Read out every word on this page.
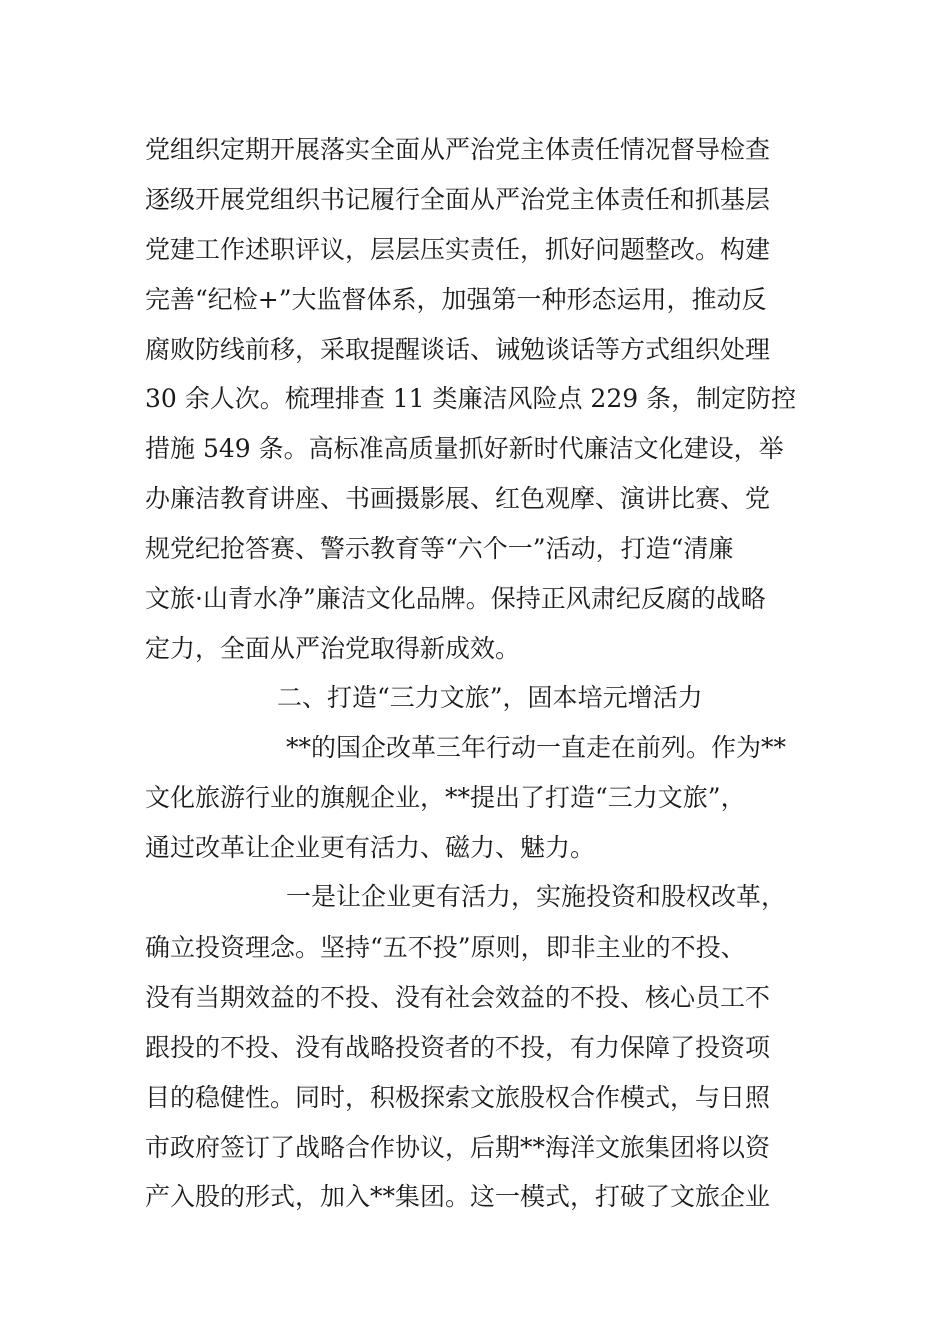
党组织定期开展落实全面从严治党主体责任情况督导检查
逐级开展党组织书记履行全面从严治党主体责任和抓基层
党建工作述职评议，层层压实责任，抓好问题整改。构建
完善“纪检+”大监督体系，加强第一种形态运用，推动反
腐败防线前移，采取提醒谈话、诫勉谈话等方式组织处理
30 余人次。梳理排查 11 类廉洁风险点 229 条，制定防控
措施 549 条。高标准高质量抓好新时代廉洁文化建设，举
办廉洁教育讲座、书画摄影展、红色观摩、演讲比赛、党
规党纪抢答赛、警示教育等“六个一”活动，打造“清廉
文旅·山青水净”廉洁文化品牌。保持正风肃纪反腐的战略
定力，全面从严治党取得新成效。
二、打造“三力文旅”，固本培元增活力
**的国企改革三年行动一直走在前列。作为**
文化旅游行业的旗舰企业，**提出了打造“三力文旅”，
通过改革让企业更有活力、磁力、魅力。
一是让企业更有活力，实施投资和股权改革，
确立投资理念。坚持“五不投”原则，即非主业的不投、
没有当期效益的不投、没有社会效益的不投、核心员工不
跟投的不投、没有战略投资者的不投，有力保障了投资项
目的稳健性。同时，积极探索文旅股权合作模式，与日照
市政府签订了战略合作协议，后期**海洋文旅集团将以资
产入股的形式，加入**集团。这一模式，打破了文旅企业
